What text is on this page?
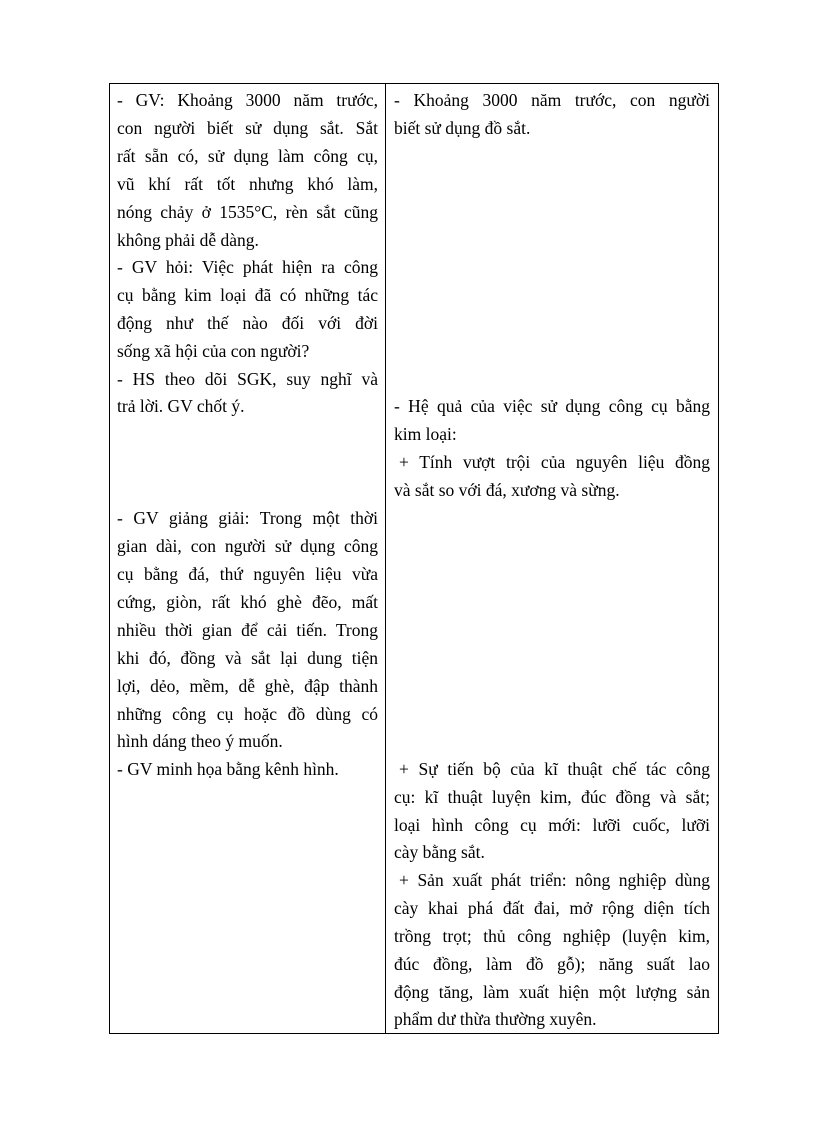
- GV: Khoảng 3000 năm trước,
con người biết sử dụng sắt. Sắt
rất sẵn có, sử dụng làm công cụ,
vũ khí rất tốt nhưng khó làm,
nóng chảy ở 1535°C, rèn sắt cũng
không phải dễ dàng.
- GV hỏi: Việc phát hiện ra công
cụ bằng kim loại đã có những tác
động như thế nào đối với đời
sống xã hội của con người?
- HS theo dõi SGK, suy nghĩ và
trả lời. GV chốt ý.
- GV giảng giải: Trong một thời
gian dài, con người sử dụng công
cụ bằng đá, thứ nguyên liệu vừa
cứng, giòn, rất khó ghè đẽo, mất
nhiều thời gian để cải tiến. Trong
khi đó, đồng và sắt lại dung tiện
lợi, dẻo, mềm, dễ ghè, đập thành
những công cụ hoặc đồ dùng có
hình dáng theo ý muốn.
- GV minh họa bằng kênh hình.
- Khoảng 3000 năm trước, con người
biết sử dụng đồ sắt.
- Hệ quả của việc sử dụng công cụ bằng
kim loại:
+ Tính vượt trội của nguyên liệu đồng
và sắt so với đá, xương và sừng.
+ Sự tiến bộ của kĩ thuật chế tác công
cụ: kĩ thuật luyện kim, đúc đồng và sắt;
loại hình công cụ mới: lưỡi cuốc, lưỡi
cày bằng sắt.
+ Sản xuất phát triển: nông nghiệp dùng
cày khai phá đất đai, mở rộng diện tích
trồng trọt; thủ công nghiệp (luyện kim,
đúc đồng, làm đồ gỗ); năng suất lao
động tăng, làm xuất hiện một lượng sản
phẩm dư thừa thường xuyên.
